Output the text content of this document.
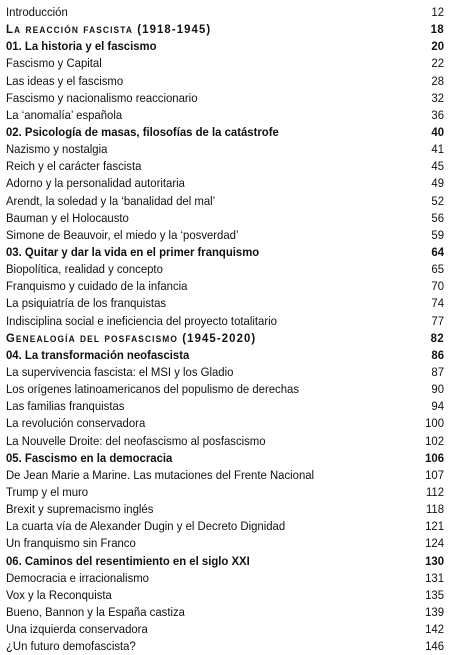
Introducción	12
La reacción fascista (1918-1945)	18
01. La historia y el fascismo	20
Fascismo y Capital	22
Las ideas y el fascismo	28
Fascismo y nacionalismo reaccionario	32
La ‘anomalía’ española	36
02. Psicología de masas, filosofías de la catástrofe	40
Nazismo y nostalgia	41
Reich y el carácter fascista	45
Adorno y la personalidad autoritaria	49
Arendt, la soledad y la ‘banalidad del mal’	52
Bauman y el Holocausto	56
Simone de Beauvoir, el miedo y la ‘posverdad’	59
03. Quitar y dar la vida en el primer franquismo	64
Biopolítica, realidad y concepto	65
Franquismo y cuidado de la infancia	70
La psiquiatría de los franquistas	74
Indisciplina social e ineficiencia del proyecto totalitario	77
Genealogía del posfascismo (1945-2020)	82
04. La transformación neofascista	86
La supervivencia fascista: el MSI y los Gladio	87
Los orígenes latinoamericanos del populismo de derechas	90
Las familias franquistas	94
La revolución conservadora	100
La Nouvelle Droite: del neofascismo al posfascismo	102
05. Fascismo en la democracia	106
De Jean Marie a Marine. Las mutaciones del Frente Nacional	107
Trump y el muro	112
Brexit y supremacismo inglés	118
La cuarta vía de Alexander Dugin y el Decreto Dignidad	121
Un franquismo sin Franco	124
06. Caminos del resentimiento en el siglo XXI	130
Democracia e irracionalismo	131
Vox y la Reconquista	135
Bueno, Bannon y la España castiza	139
Una izquierda conservadora	142
¿Un futuro demofascista?	146
